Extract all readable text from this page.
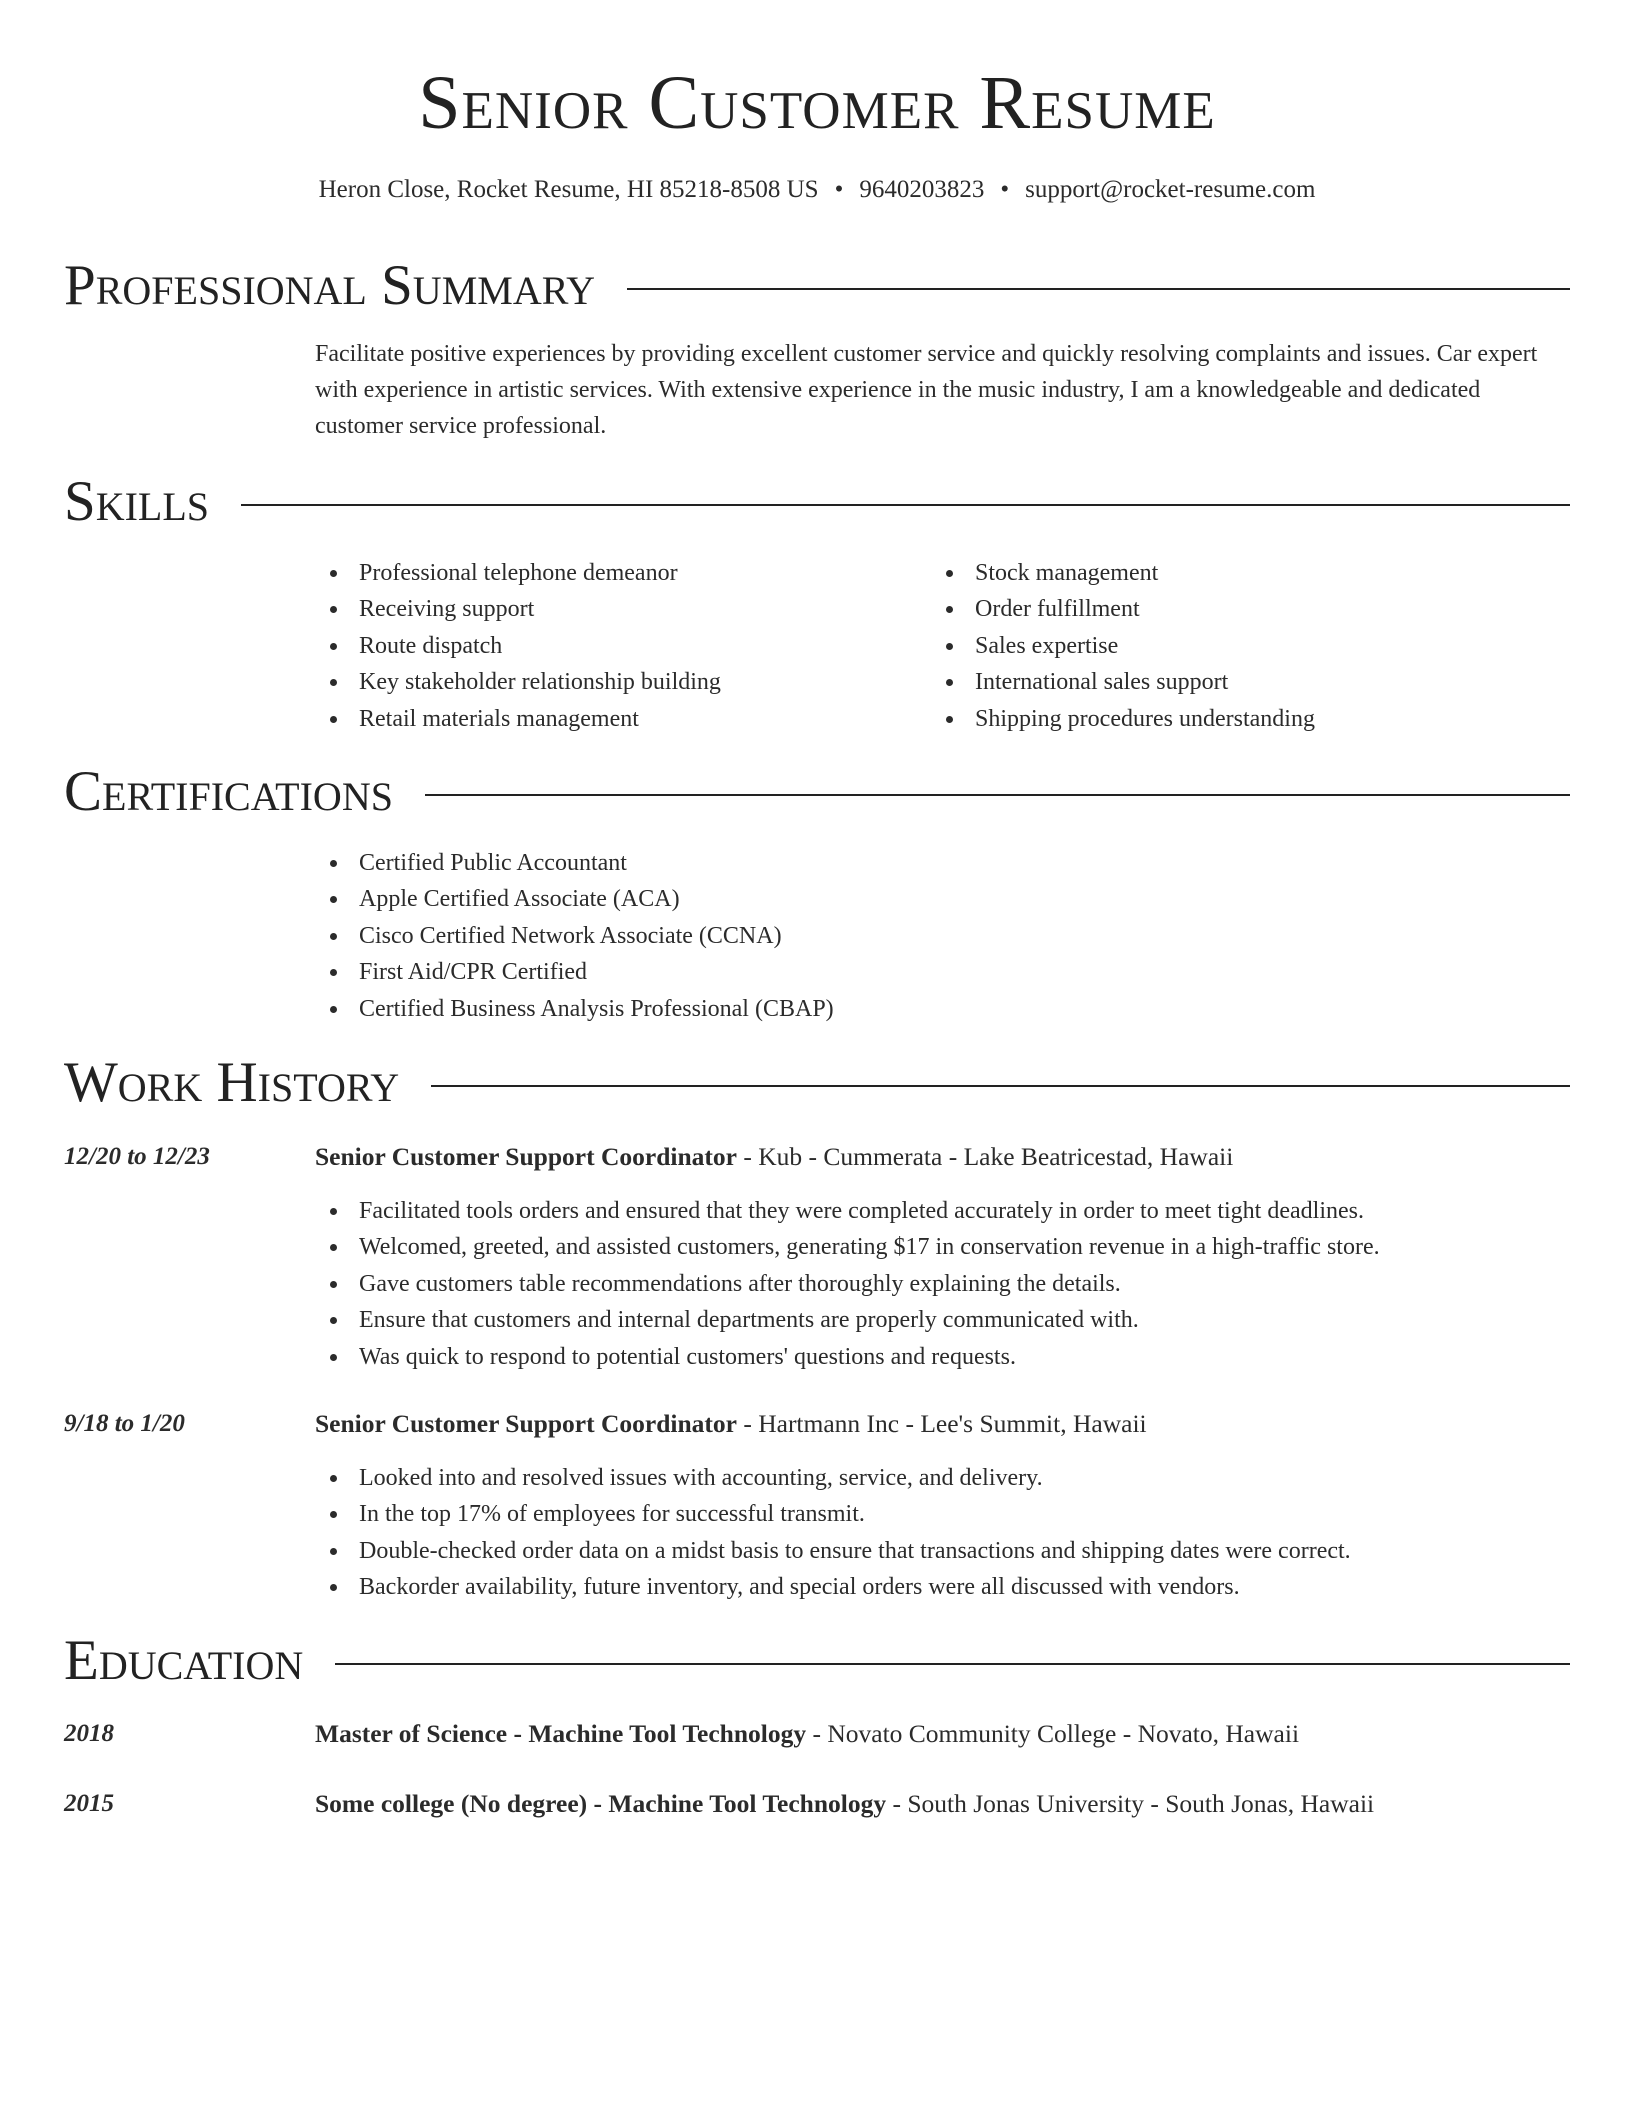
Senior Customer Resume
Heron Close, Rocket Resume, HI 85218-8508 US • 9640203823 • support@rocket-resume.com
Professional Summary
Facilitate positive experiences by providing excellent customer service and quickly resolving complaints and issues. Car expert with experience in artistic services. With extensive experience in the music industry, I am a knowledgeable and dedicated customer service professional.
Skills
Professional telephone demeanor
Receiving support
Route dispatch
Key stakeholder relationship building
Retail materials management
Stock management
Order fulfillment
Sales expertise
International sales support
Shipping procedures understanding
Certifications
Certified Public Accountant
Apple Certified Associate (ACA)
Cisco Certified Network Associate (CCNA)
First Aid/CPR Certified
Certified Business Analysis Professional (CBAP)
Work History
12/20 to 12/23	Senior Customer Support Coordinator - Kub - Cummerata - Lake Beatricestad, Hawaii
Facilitated tools orders and ensured that they were completed accurately in order to meet tight deadlines.
Welcomed, greeted, and assisted customers, generating $17 in conservation revenue in a high-traffic store.
Gave customers table recommendations after thoroughly explaining the details.
Ensure that customers and internal departments are properly communicated with.
Was quick to respond to potential customers' questions and requests.
9/18 to 1/20	Senior Customer Support Coordinator - Hartmann Inc - Lee's Summit, Hawaii
Looked into and resolved issues with accounting, service, and delivery.
In the top 17% of employees for successful transmit.
Double-checked order data on a midst basis to ensure that transactions and shipping dates were correct.
Backorder availability, future inventory, and special orders were all discussed with vendors.
Education
2018	Master of Science - Machine Tool Technology - Novato Community College - Novato, Hawaii
2015	Some college (No degree) - Machine Tool Technology - South Jonas University - South Jonas, Hawaii
